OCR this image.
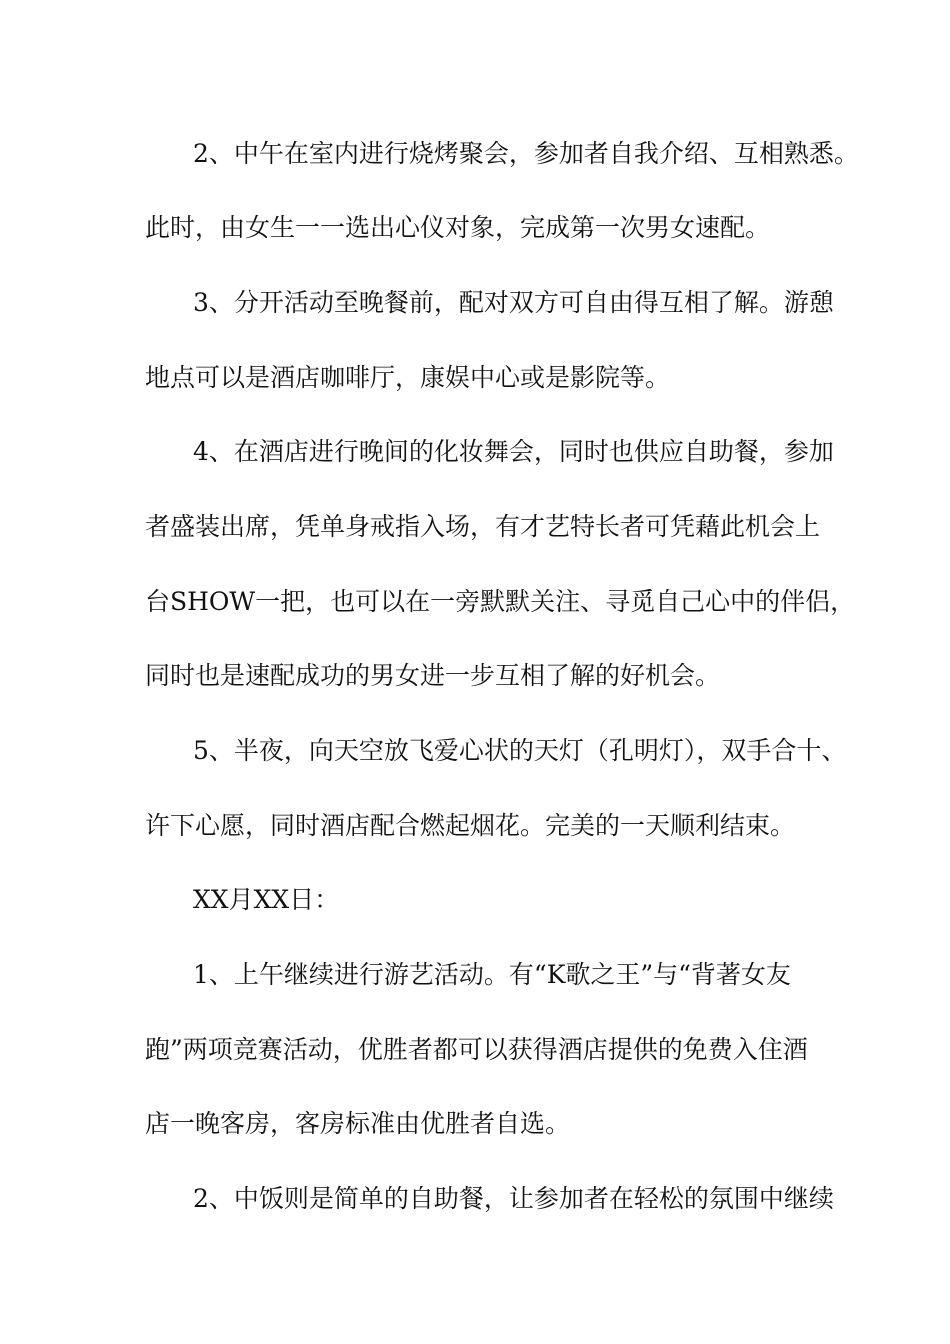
2、中午在室内进行烧烤聚会，参加者自我介绍、互相熟悉。
此时，由女生一一选出心仪对象，完成第一次男女速配。
3、分开活动至晚餐前，配对双方可自由得互相了解。游憩
地点可以是酒店咖啡厅，康娱中心或是影院等。
4、在酒店进行晚间的化妆舞会，同时也供应自助餐，参加
者盛装出席，凭单身戒指入场，有才艺特长者可凭藉此机会上
台SHOW一把，也可以在一旁默默关注、寻觅自己心中的伴侣，
同时也是速配成功的男女进一步互相了解的好机会。
5、半夜，向天空放飞爱心状的天灯（孔明灯），双手合十、
许下心愿，同时酒店配合燃起烟花。完美的一天顺利结束。
XX月XX日：
1、上午继续进行游艺活动。有“K歌之王”与“背著女友
跑”两项竞赛活动，优胜者都可以获得酒店提供的免费入住酒
店一晚客房，客房标准由优胜者自选。
2、中饭则是简单的自助餐，让参加者在轻松的氛围中继续
